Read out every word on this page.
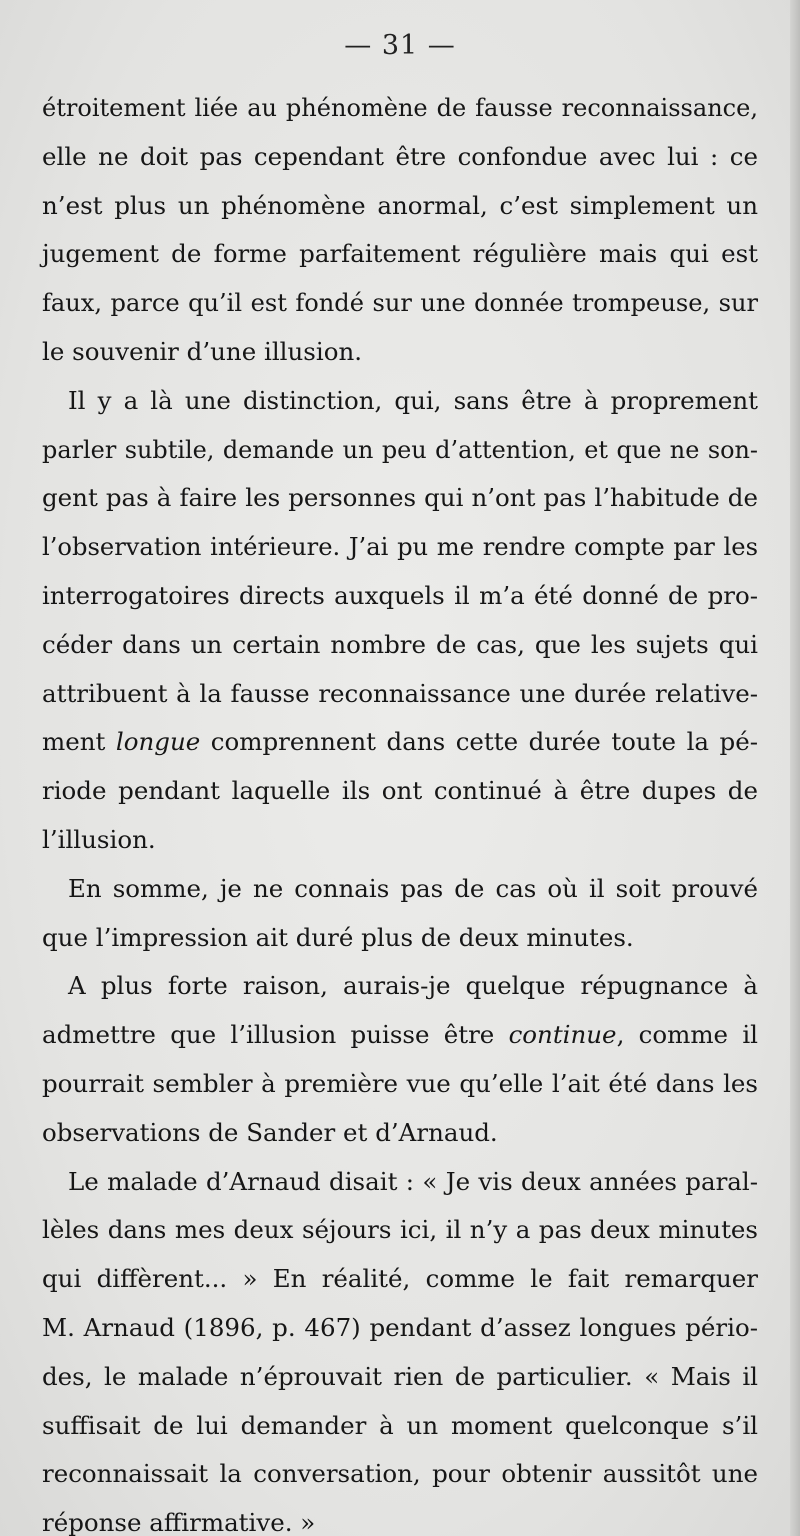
— 31 —
étroitement liée au phénomène de fausse reconnaissance,
elle ne doit pas cependant être confondue avec lui : ce
n’est plus un phénomène anormal, c’est simplement un
jugement de forme parfaitement régulière mais qui est
faux, parce qu’il est fondé sur une donnée trompeuse, sur
le souvenir d’une illusion.
Il y a là une distinction, qui, sans être à proprement
parler subtile, demande un peu d’attention, et que ne son-
gent pas à faire les personnes qui n’ont pas l’habitude de
l’observation intérieure. J’ai pu me rendre compte par les
interrogatoires directs auxquels il m’a été donné de pro-
céder dans un certain nombre de cas, que les sujets qui
attribuent à la fausse reconnaissance une durée relative-
ment longue comprennent dans cette durée toute la pé-
riode pendant laquelle ils ont continué à être dupes de
l’illusion.
En somme, je ne connais pas de cas où il soit prouvé
que l’impression ait duré plus de deux minutes.
A plus forte raison, aurais-je quelque répugnance à
admettre que l’illusion puisse être continue, comme il
pourrait sembler à première vue qu’elle l’ait été dans les
observations de Sander et d’Arnaud.
Le malade d’Arnaud disait : « Je vis deux années paral-
lèles dans mes deux séjours ici, il n’y a pas deux minutes
qui diffèrent... » En réalité, comme le fait remarquer
M. Arnaud (1896, p. 467) pendant d’assez longues pério-
des, le malade n’éprouvait rien de particulier. « Mais il
suffisait de lui demander à un moment quelconque s’il
reconnaissait la conversation, pour obtenir aussitôt une
réponse affirmative. »
